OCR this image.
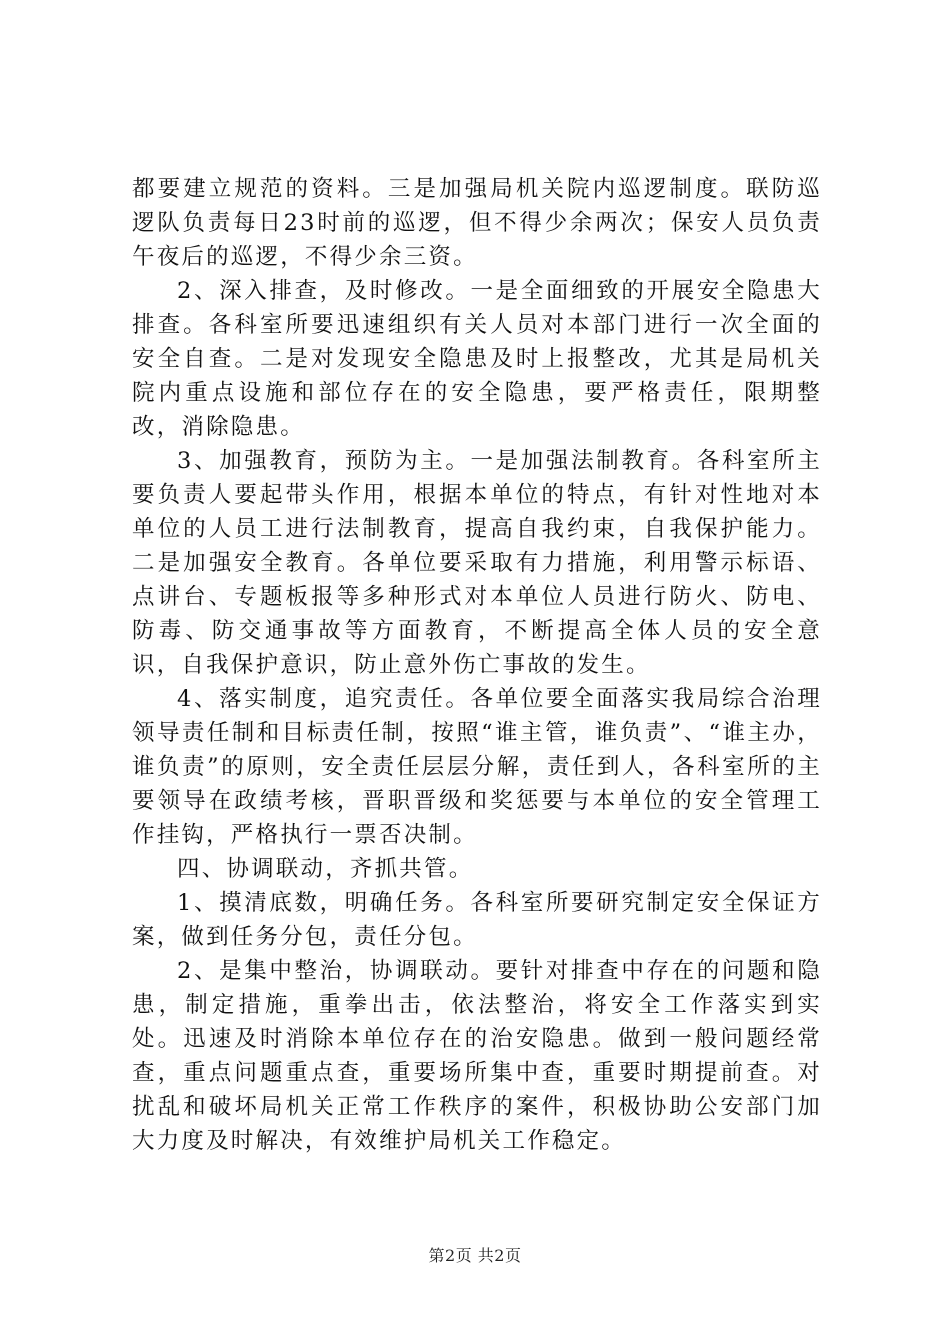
都要建立规范的资料。三是加强局机关院内巡逻制度。联防巡逻队负责每日23时前的巡逻，但不得少余两次；保安人员负责午夜后的巡逻，不得少余三资。

2、深入排查，及时修改。一是全面细致的开展安全隐患大排查。各科室所要迅速组织有关人员对本部门进行一次全面的安全自查。二是对发现安全隐患及时上报整改，尤其是局机关院内重点设施和部位存在的安全隐患，要严格责任，限期整改，消除隐患。

3、加强教育，预防为主。一是加强法制教育。各科室所主要负责人要起带头作用，根据本单位的特点，有针对性地对本单位的人员工进行法制教育，提高自我约束，自我保护能力。二是加强安全教育。各单位要采取有力措施，利用警示标语、点讲台、专题板报等多种形式对本单位人员进行防火、防电、防毒、防交通事故等方面教育，不断提高全体人员的安全意识，自我保护意识，防止意外伤亡事故的发生。

4、落实制度，追究责任。各单位要全面落实我局综合治理领导责任制和目标责任制，按照“谁主管，谁负责”、“谁主办，谁负责”的原则，安全责任层层分解，责任到人，各科室所的主要领导在政绩考核，晋职晋级和奖惩要与本单位的安全管理工作挂钩，严格执行一票否决制。

四、协调联动，齐抓共管。

1、摸清底数，明确任务。各科室所要研究制定安全保证方案，做到任务分包，责任分包。

2、是集中整治，协调联动。要针对排查中存在的问题和隐患，制定措施，重拳出击，依法整治，将安全工作落实到实处。迅速及时消除本单位存在的治安隐患。做到一般问题经常查，重点问题重点查，重要场所集中查，重要时期提前查。对扰乱和破坏局机关正常工作秩序的案件，积极协助公安部门加大力度及时解决，有效维护局机关工作稳定。

第2页 共2页
